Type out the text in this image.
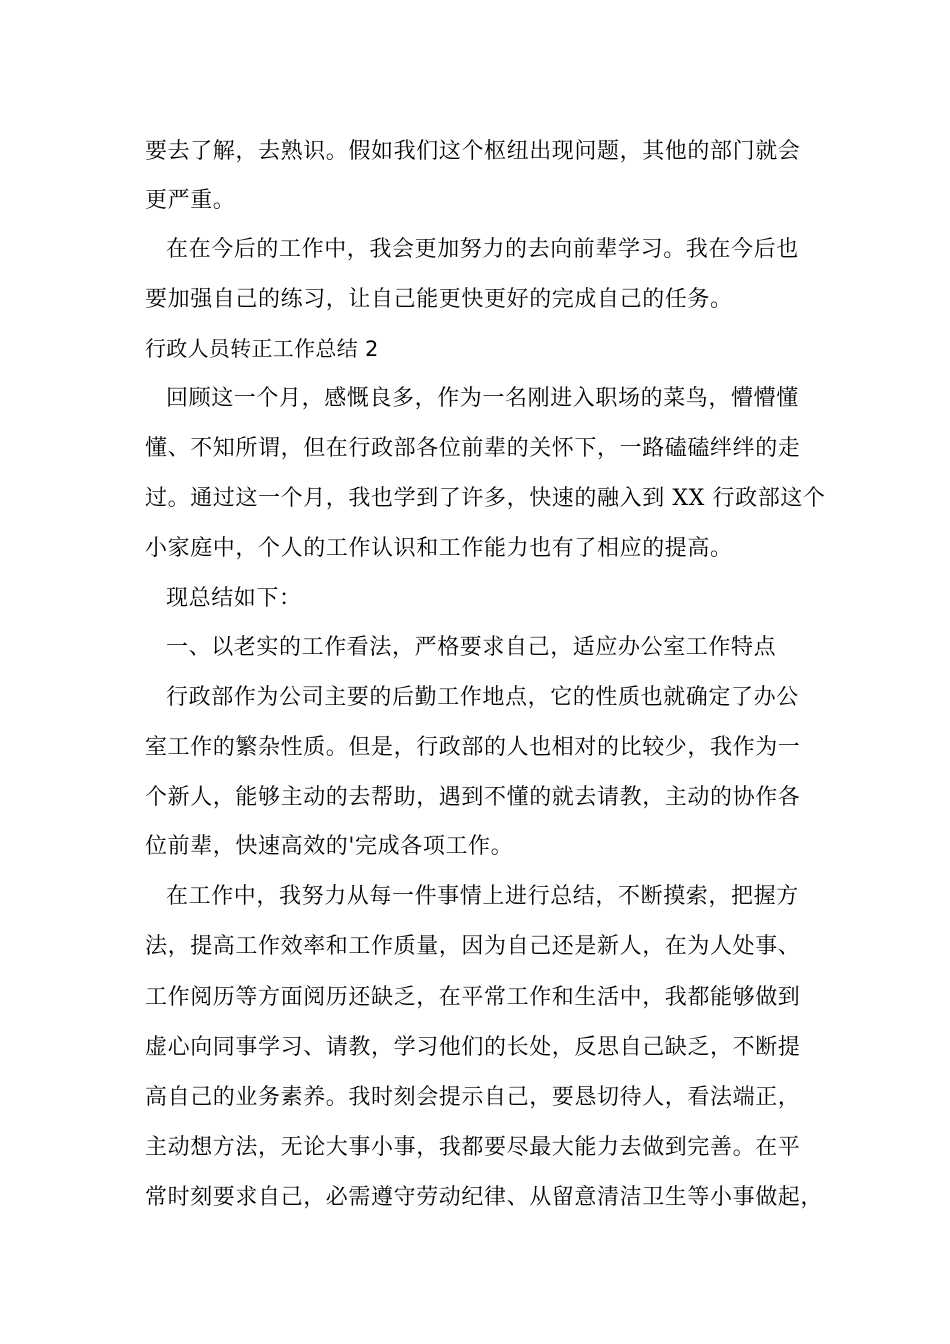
要去了解，去熟识。假如我们这个枢纽出现问题，其他的部门就会
更严重。
在在今后的工作中，我会更加努力的去向前辈学习。我在今后也
要加强自己的练习，让自己能更快更好的完成自己的任务。
行政人员转正工作总结 2
回顾这一个月，感慨良多，作为一名刚进入职场的菜鸟，懵懵懂
懂、不知所谓，但在行政部各位前辈的关怀下，一路磕磕绊绊的走
过。通过这一个月，我也学到了许多，快速的融入到 XX 行政部这个
小家庭中，个人的工作认识和工作能力也有了相应的提高。
现总结如下：
一、以老实的工作看法，严格要求自己，适应办公室工作特点
行政部作为公司主要的后勤工作地点，它的性质也就确定了办公
室工作的繁杂性质。但是，行政部的人也相对的比较少，我作为一
个新人，能够主动的去帮助，遇到不懂的就去请教，主动的协作各
位前辈，快速高效的'完成各项工作。
在工作中，我努力从每一件事情上进行总结，不断摸索，把握方
法，提高工作效率和工作质量，因为自己还是新人，在为人处事、
工作阅历等方面阅历还缺乏，在平常工作和生活中，我都能够做到
虚心向同事学习、请教，学习他们的长处，反思自己缺乏，不断提
高自己的业务素养。我时刻会提示自己，要恳切待人，看法端正，
主动想方法，无论大事小事，我都要尽最大能力去做到完善。在平
常时刻要求自己，必需遵守劳动纪律、从留意清洁卫生等小事做起，
